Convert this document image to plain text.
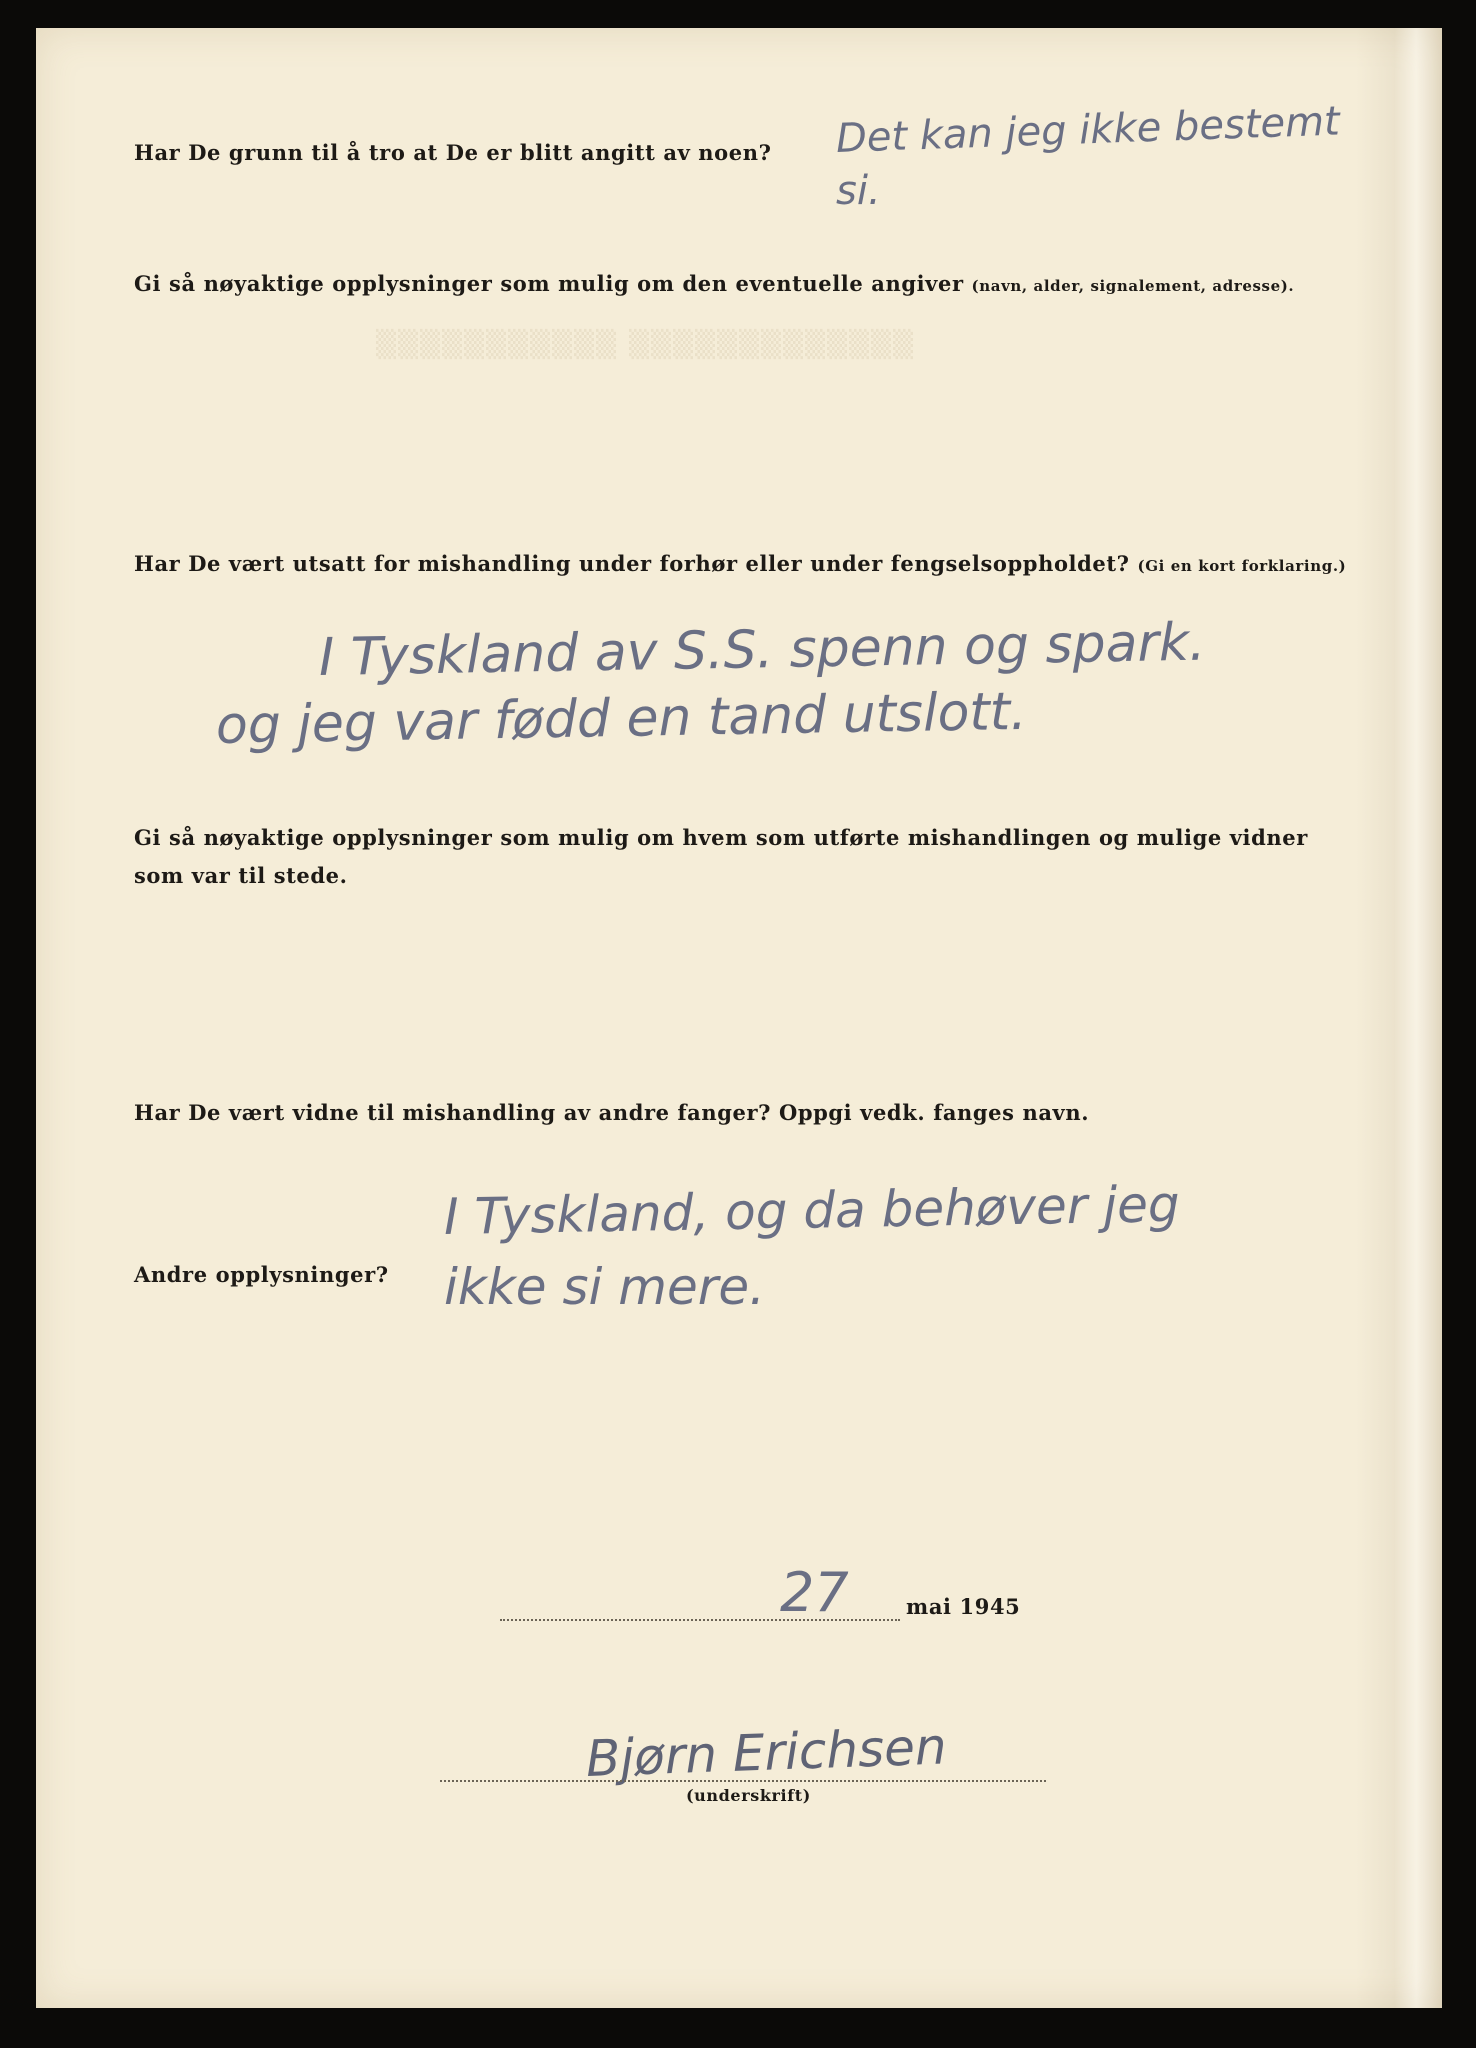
▒▒▒▒▒▒▒▒▒▒▒ ▒▒▒▒▒▒▒▒▒▒▒▒▒
Har De grunn til å tro at De er blitt angitt av noen? Det kan jeg ikke bestemt
si.
Gi så nøyaktige opplysninger som mulig om den eventuelle angiver (navn, alder, signalement, adresse).
Har De vært utsatt for mishandling under forhør eller under fengselsoppholdet? (Gi en kort forklaring.)
I Tyskland av S.S. spenn og spark.
og jeg var fødd en tand utslott.
Gi så nøyaktige opplysninger som mulig om hvem som utførte mishandlingen og mulige vidner
som var til stede.
Har De vært vidne til mishandling av andre fanger? Oppgi vedk. fanges navn.
Andre opplysninger?
I Tyskland, og da behøver jeg
ikke si mere.
27	mai 1945
Bjørn Erichsen
(underskrift)
